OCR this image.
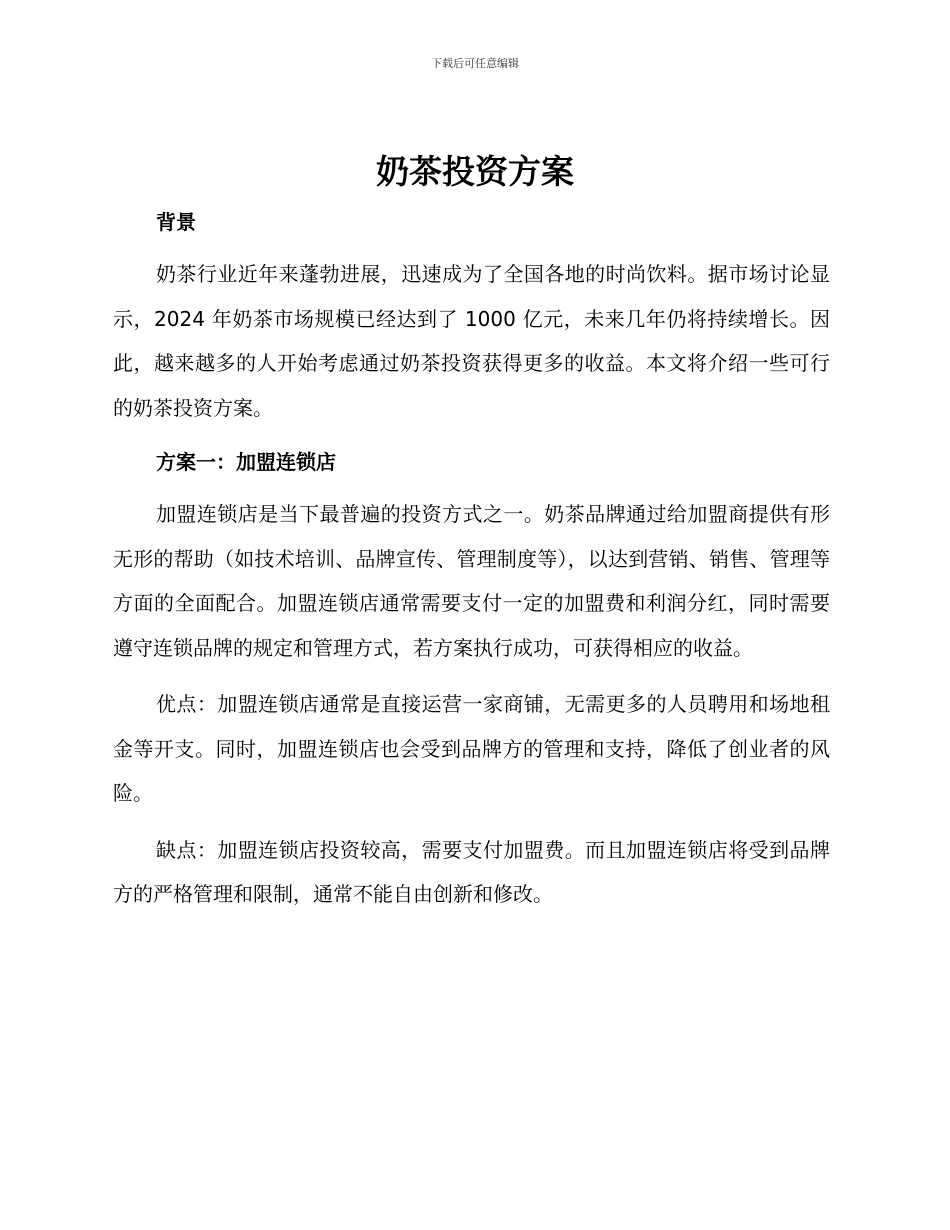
下载后可任意编辑
奶茶投资方案
背景

奶茶行业近年来蓬勃进展，迅速成为了全国各地的时尚饮料。据市场讨论显示，2024 年奶茶市场规模已经达到了 1000 亿元，未来几年仍将持续增长。因此，越来越多的人开始考虑通过奶茶投资获得更多的收益。本文将介绍一些可行的奶茶投资方案。

方案一：加盟连锁店

加盟连锁店是当下最普遍的投资方式之一。奶茶品牌通过给加盟商提供有形无形的帮助（如技术培训、品牌宣传、管理制度等），以达到营销、销售、管理等方面的全面配合。加盟连锁店通常需要支付一定的加盟费和利润分红，同时需要遵守连锁品牌的规定和管理方式，若方案执行成功，可获得相应的收益。

优点：加盟连锁店通常是直接运营一家商铺，无需更多的人员聘用和场地租金等开支。同时，加盟连锁店也会受到品牌方的管理和支持，降低了创业者的风险。

缺点：加盟连锁店投资较高，需要支付加盟费。而且加盟连锁店将受到品牌方的严格管理和限制，通常不能自由创新和修改。
